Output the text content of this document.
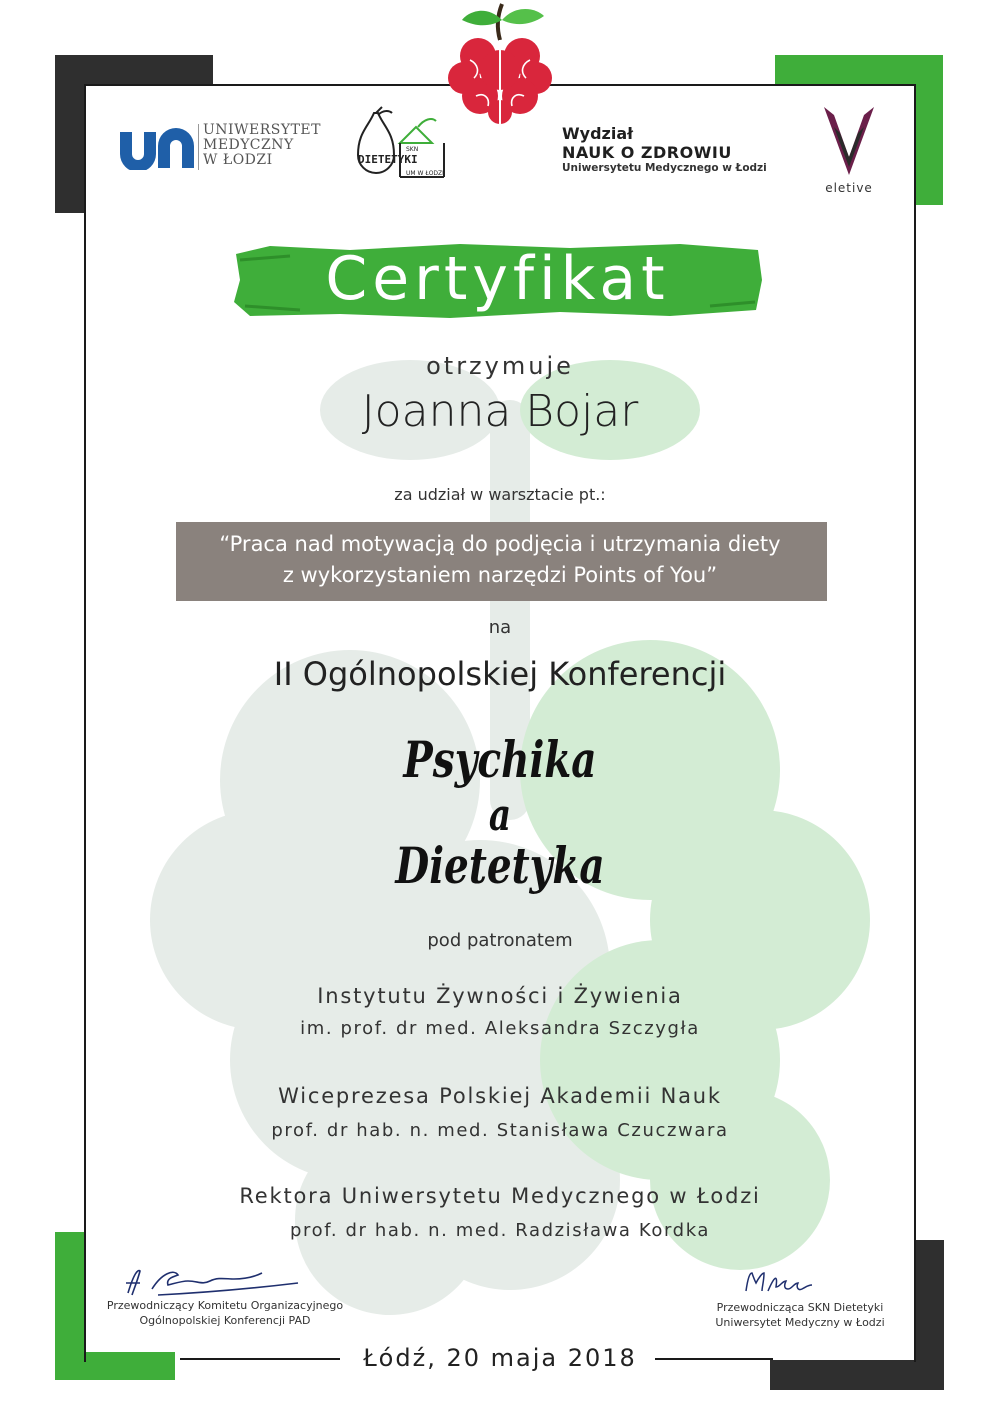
UNIWERSYTET
MEDYCZNY
W ŁODZI
SKN
DIETETYKI
UM W ŁODZI
Wydział
NAUK O ZDROWIU
Uniwersytetu Medycznego w Łodzi
eletive
Certyfikat
otrzymuje
Joanna Bojar
za udział w warsztacie pt.:
“Praca nad motywacją do podjęcia i utrzymania diety
z wykorzystaniem narzędzi Points of You”
na
II Ogólnopolskiej Konferencji
Psychika
a
Dietetyka
pod patronatem
Instytutu Żywności i Żywienia
im. prof. dr med. Aleksandra Szczygła
Wiceprezesa Polskiej Akademii Nauk
prof. dr hab. n. med. Stanisława Czuczwara
Rektora Uniwersytetu Medycznego w Łodzi
prof. dr hab. n. med. Radzisława Kordka
Przewodniczący Komitetu Organizacyjnego
Ogólnopolskiej Konferencji PAD
Przewodnicząca SKN Dietetyki
Uniwersytet Medyczny w Łodzi
Łódź, 20 maja 2018
